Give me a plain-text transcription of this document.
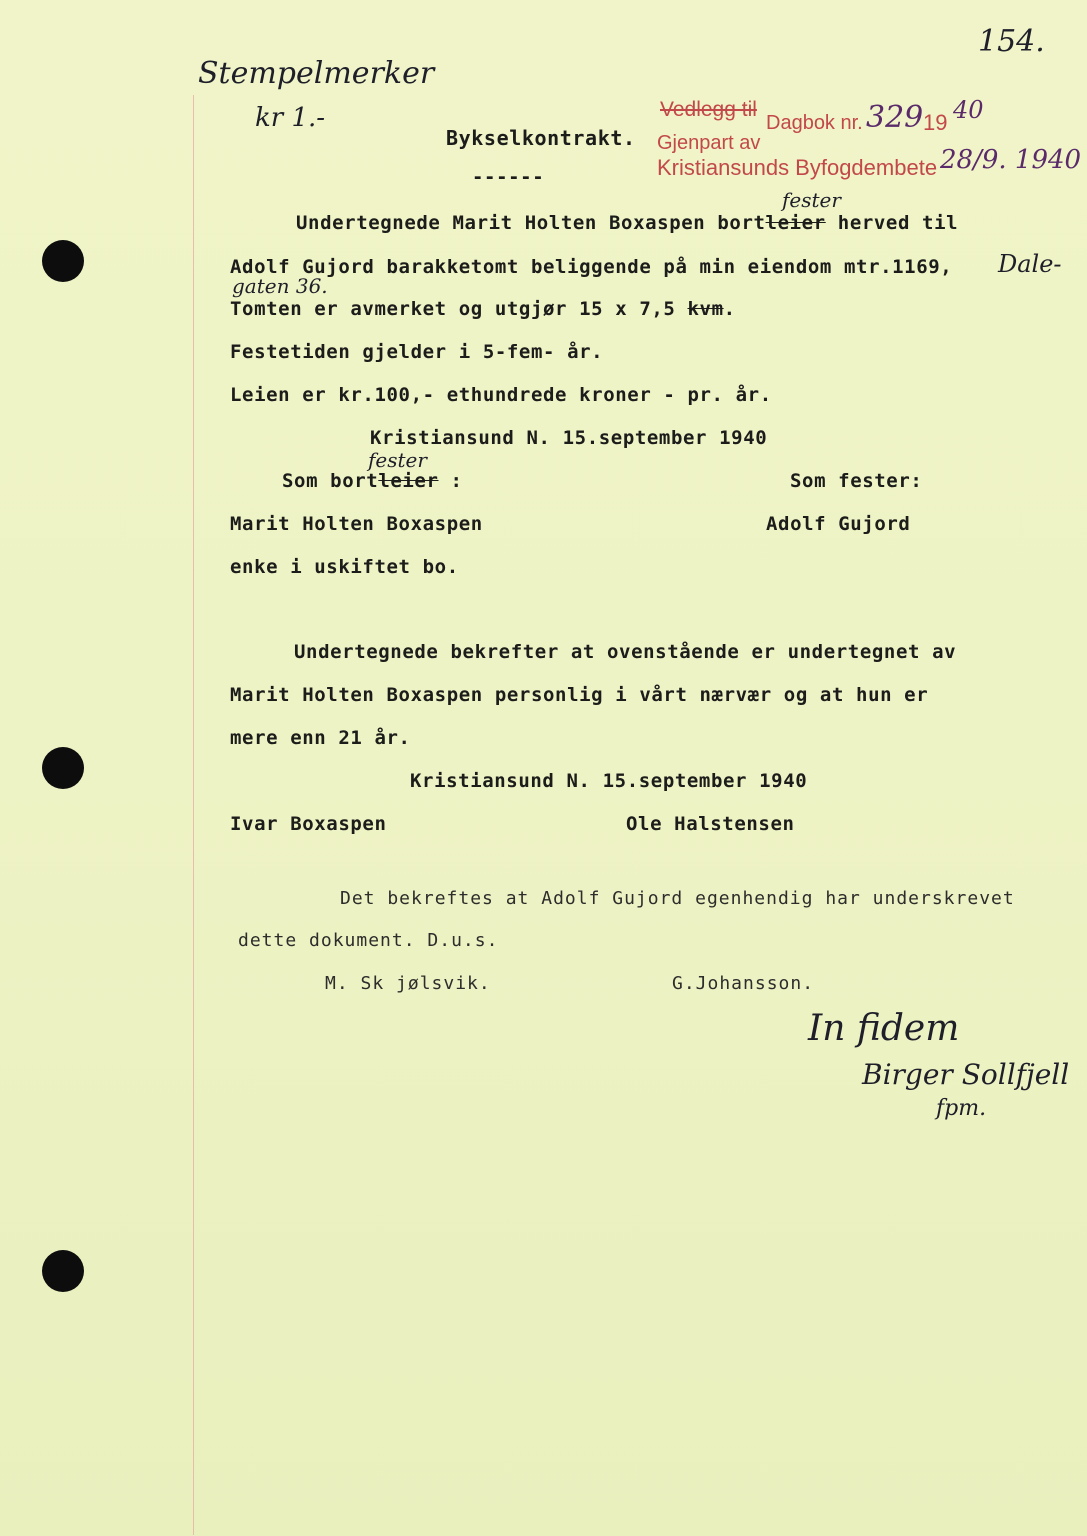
154.
Stempelmerker
kr 1.-
Bykselkontrakt.
------
Vedlegg til
Dagbok nr. 329 19 40
Gjenpart av
Kristiansunds Byfogdembete 28/9. 1940
fester
Undertegnede Marit Holten Boxaspen bortleier herved til
Adolf Gujord barakketomt beliggende på min eiendom mtr.1169, Dale-
gaten 36.
Tomten er avmerket og utgjør 15 x 7,5 kvm.
Festetiden gjelder i 5-fem- år.
Leien er kr.100,- ethundrede kroner - pr. år.
Kristiansund N. 15.september 1940
fester
Som bortleier :	Som fester:
Marit Holten Boxaspen	Adolf Gujord
enke i uskiftet bo.
Undertegnede bekrefter at ovenstående er undertegnet av
Marit Holten Boxaspen personlig i vårt nærvær og at hun er
mere enn 21 år.
Kristiansund N. 15.september 1940
Ivar Boxaspen	Ole Halstensen
Det bekreftes at Adolf Gujord egenhendig har underskrevet
dette dokument. D.u.s.
M. Sk jølsvik.	G.Johansson.
In fidem
Birger Sollfjell
fpm.
